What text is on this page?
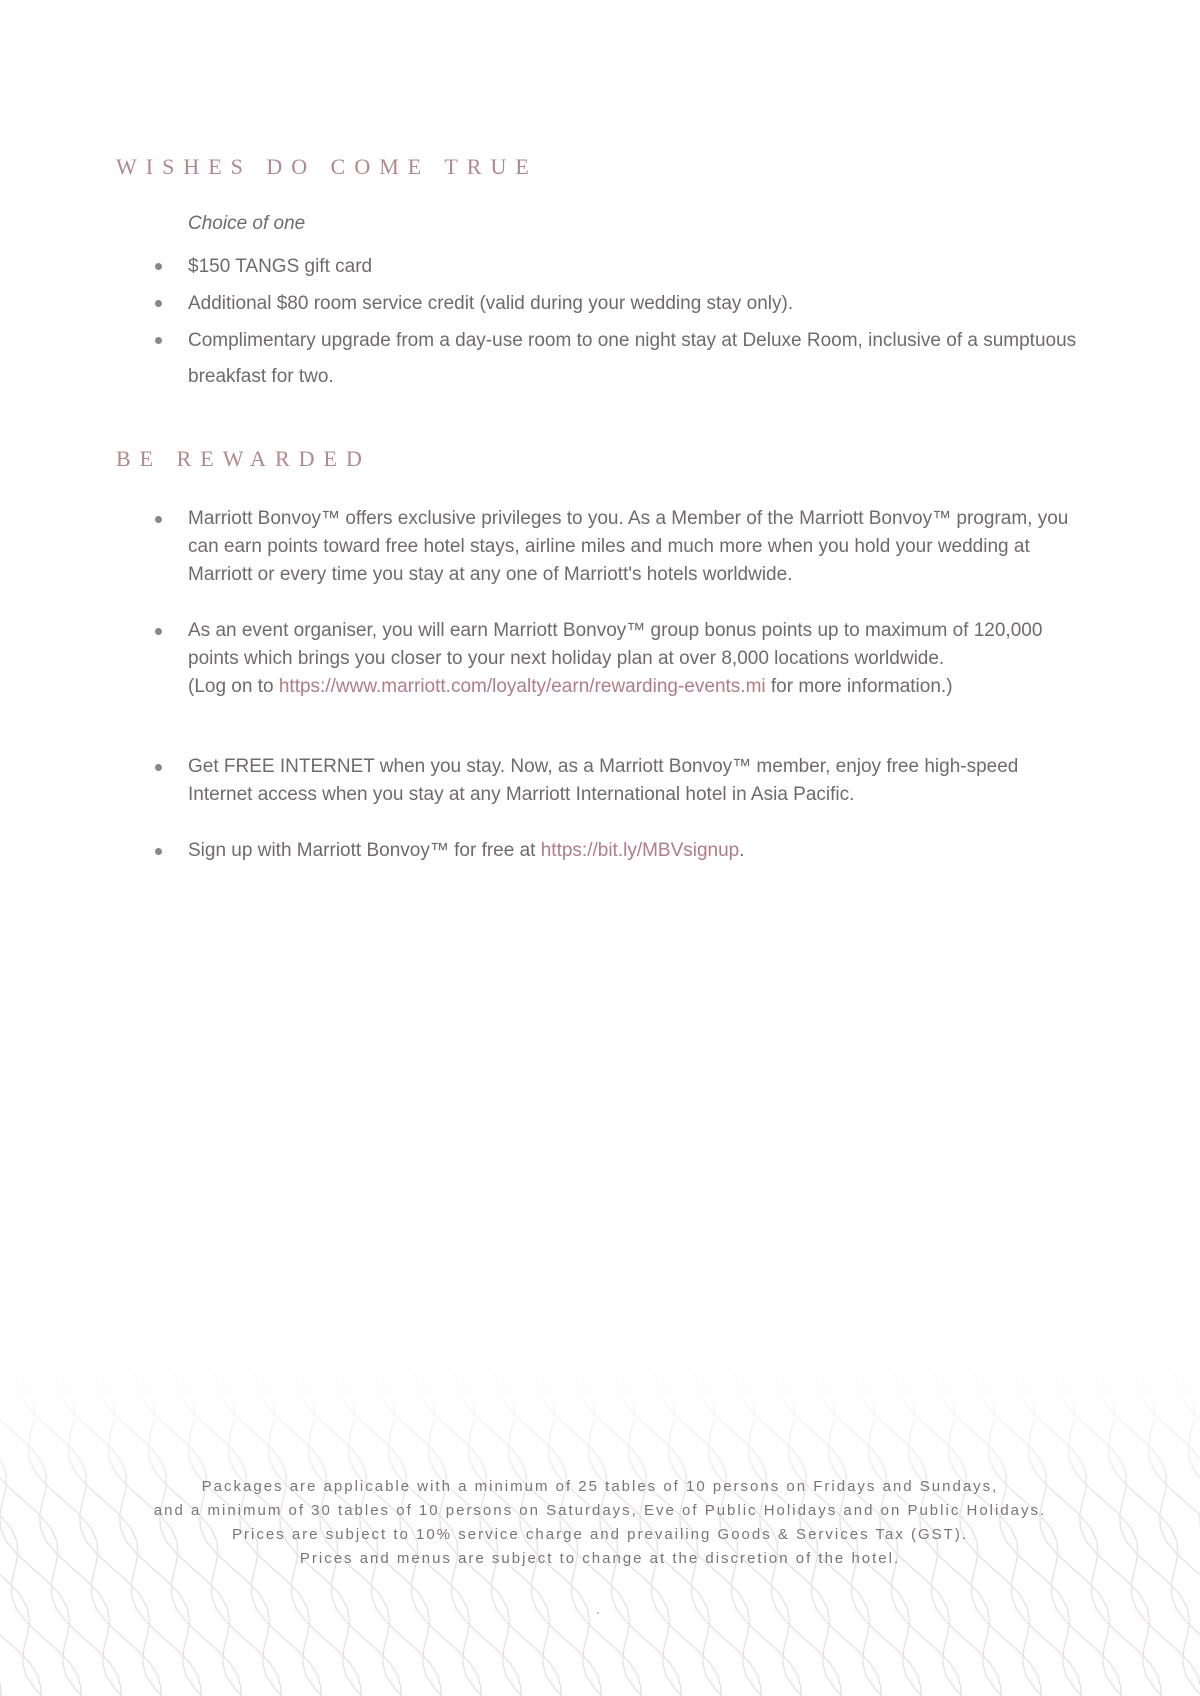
WISHES DO COME TRUE
Choice of one
$150 TANGS gift card
Additional $80 room service credit (valid during your wedding stay only).
Complimentary upgrade from a day-use room to one night stay at Deluxe Room, inclusive of a sumptuous breakfast for two.
BE REWARDED
Marriott Bonvoy™ offers exclusive privileges to you. As a Member of the Marriott Bonvoy™ program, you can earn points toward free hotel stays, airline miles and much more when you hold your wedding at Marriott or every time you stay at any one of Marriott's hotels worldwide.
As an event organiser, you will earn Marriott Bonvoy™ group bonus points up to maximum of 120,000 points which brings you closer to your next holiday plan at over 8,000 locations worldwide.
(Log on to https://www.marriott.com/loyalty/earn/rewarding-events.mi for more information.)
Get FREE INTERNET when you stay. Now, as a Marriott Bonvoy™ member, enjoy free high-speed Internet access when you stay at any Marriott International hotel in Asia Pacific.
Sign up with Marriott Bonvoy™ for free at https://bit.ly/MBVsignup.

Packages are applicable with a minimum of 25 tables of 10 persons on Fridays and Sundays,

and a minimum of 30 tables of 10 persons on Saturdays, Eve of Public Holidays and on Public Holidays.

Prices are subject to 10% service charge and prevailing Goods & Services Tax (GST).

Prices and menus are subject to change at the discretion of the hotel.
